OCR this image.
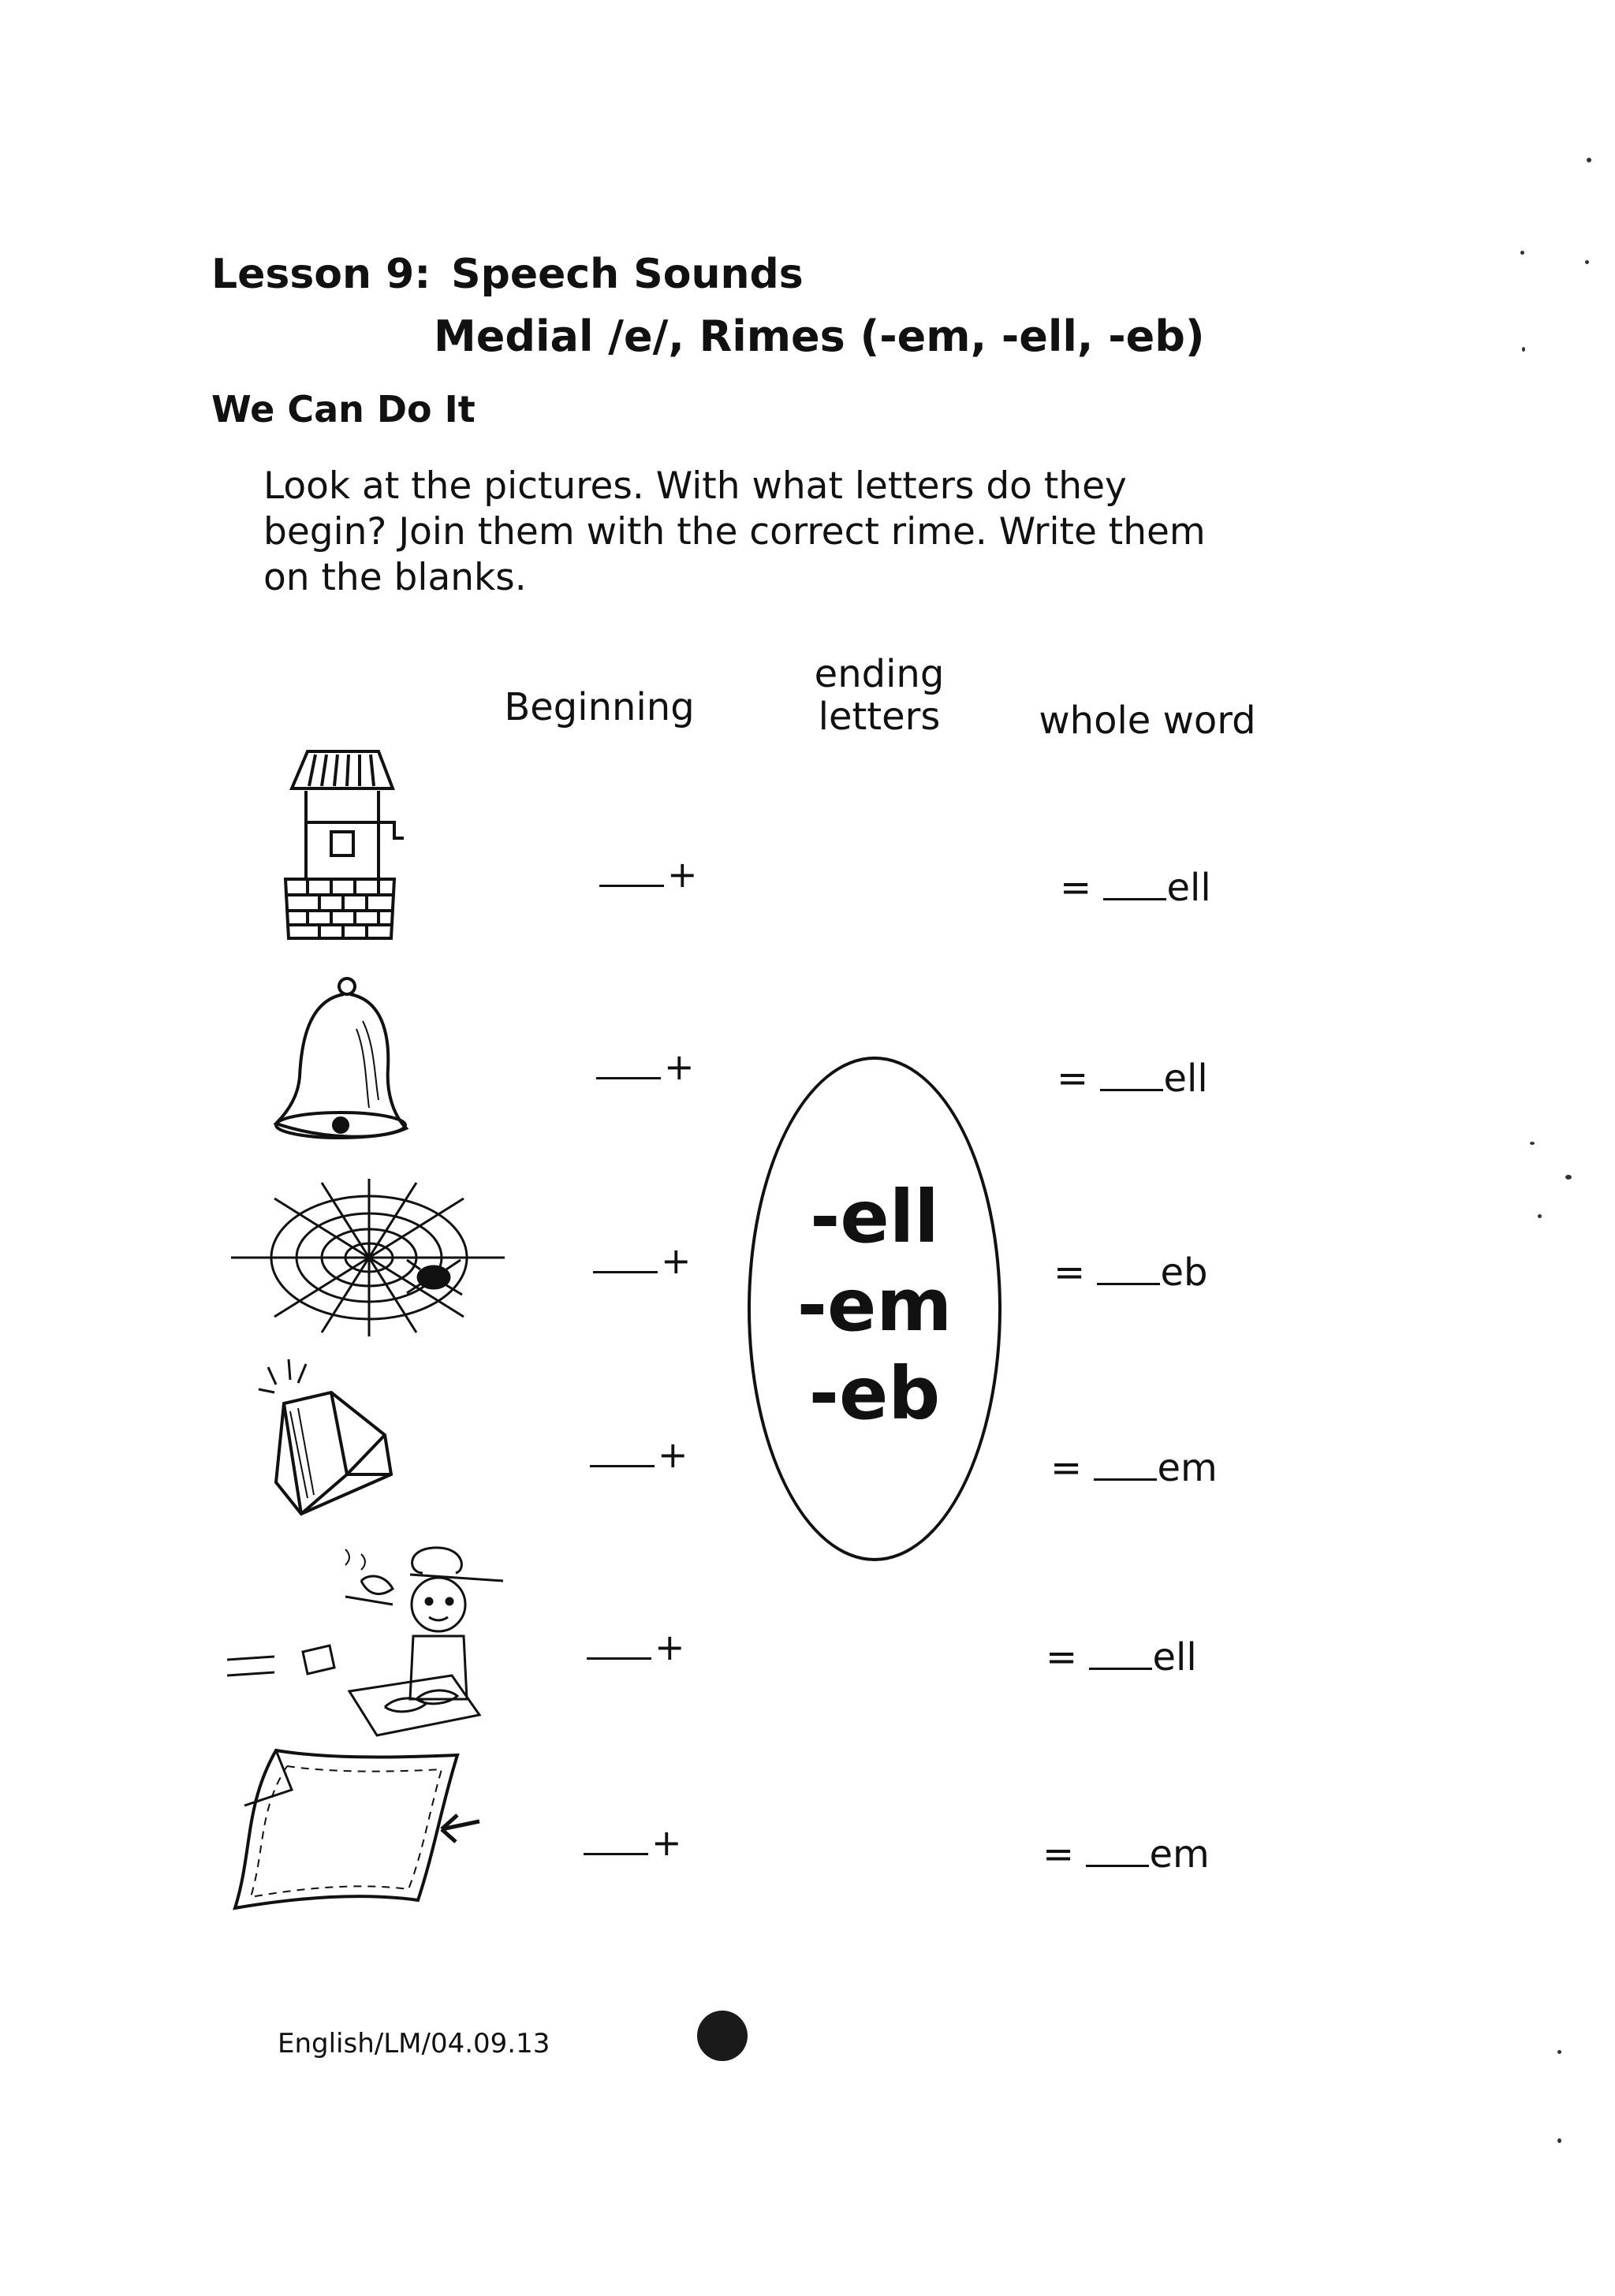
Lesson 9: Speech Sounds
Medial /e/, Rimes (-em, -ell, -eb)
We Can Do It
Look at the pictures. With what letters do they begin? Join them with the correct rime. Write them on the blanks.
Beginning
ending letters	whole word
+
+
+
+
+
+
-ell
-em
-eb
= ell
= ell
= eb
= em
= ell
= em
English/LM/04.09.13
